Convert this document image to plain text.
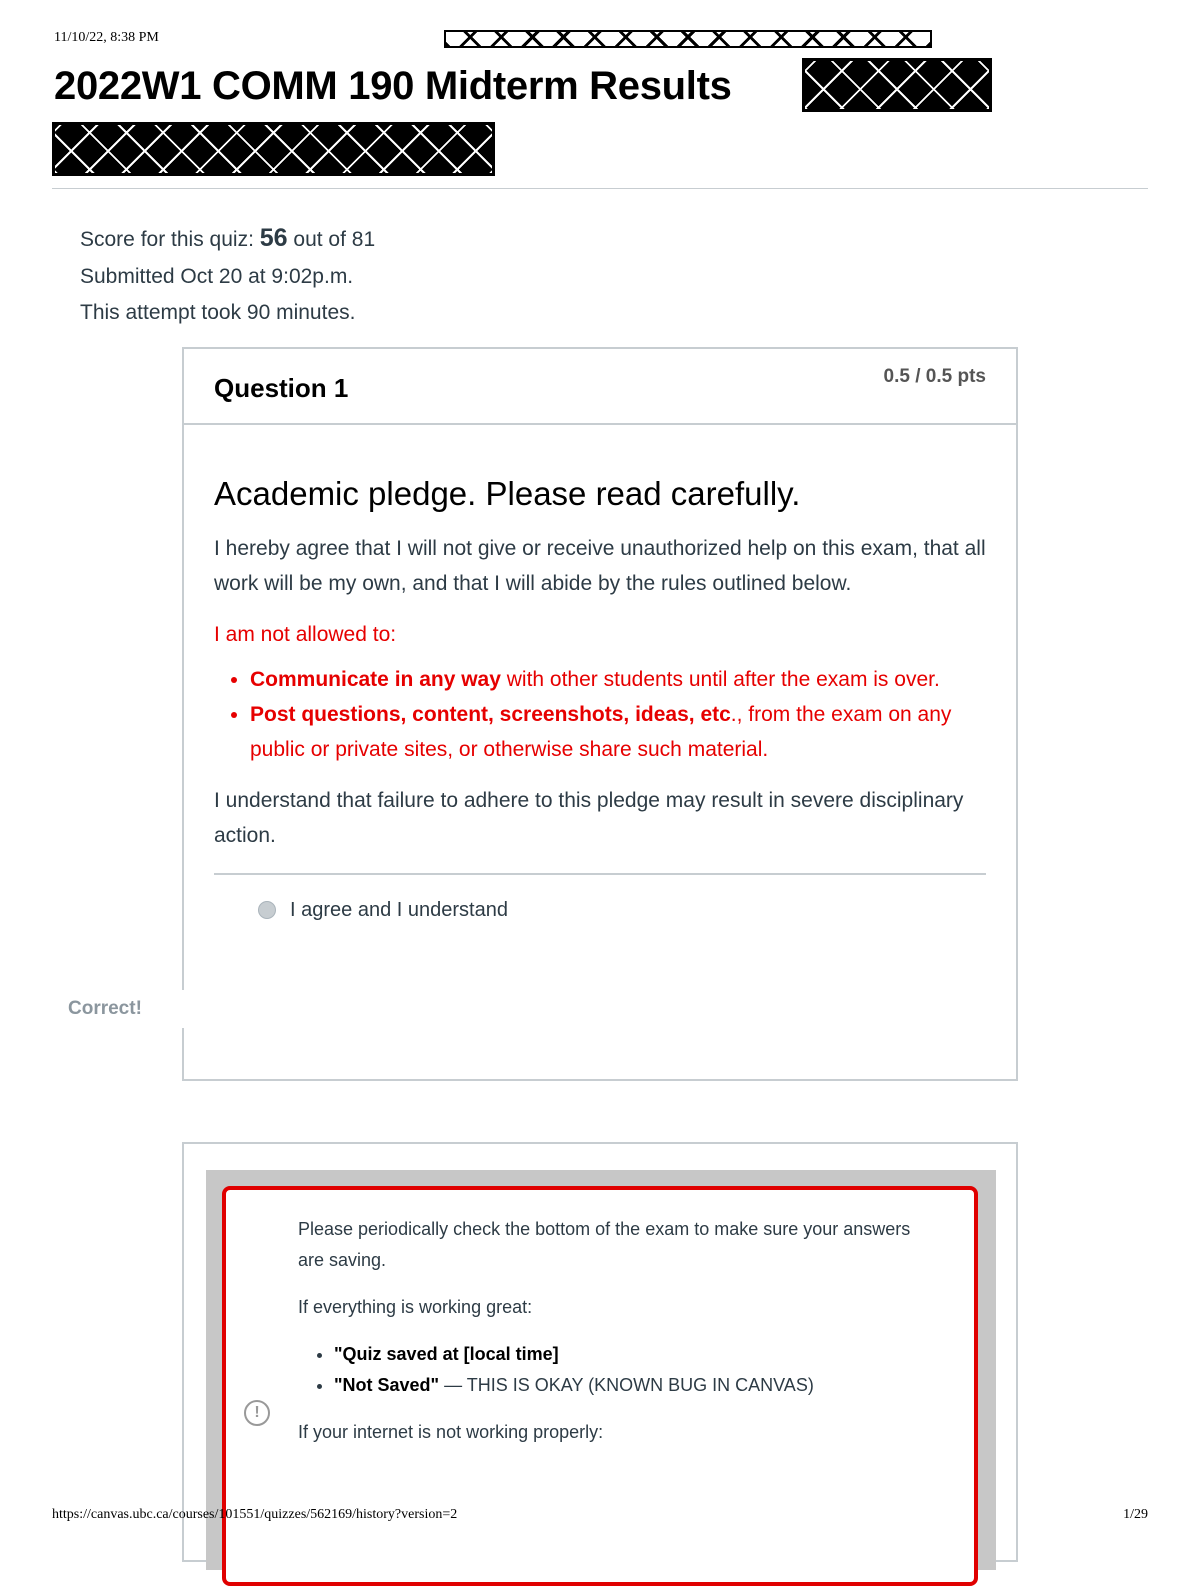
11/10/22, 8:38 PM
2022W1 COMM 190 Midterm Results
Score for this quiz: 56 out of 81
Submitted Oct 20 at 9:02p.m.
This attempt took 90 minutes.
Question 1	0.5 / 0.5 pts
Academic pledge. Please read carefully.

I hereby agree that I will not give or receive unauthorized help on this exam, that all work will be my own, and that I will abide by the rules outlined below.

I am not allowed to:

• Communicate in any way with other students until after the exam is over.
• Post questions, content, screenshots, ideas, etc., from the exam on any public or private sites, or otherwise share such material.

I understand that failure to adhere to this pledge may result in severe disciplinary action.

I agree and I understand
Correct!
!

Please periodically check the bottom of the exam to make sure your answers are saving.

If everything is working great:

• "Quiz saved at [local time]
• "Not Saved" — THIS IS OKAY (KNOWN BUG IN CANVAS)

If your internet is not working properly:

https://canvas.ubc.ca/courses/101551/quizzes/562169/history?version=2	1/29
